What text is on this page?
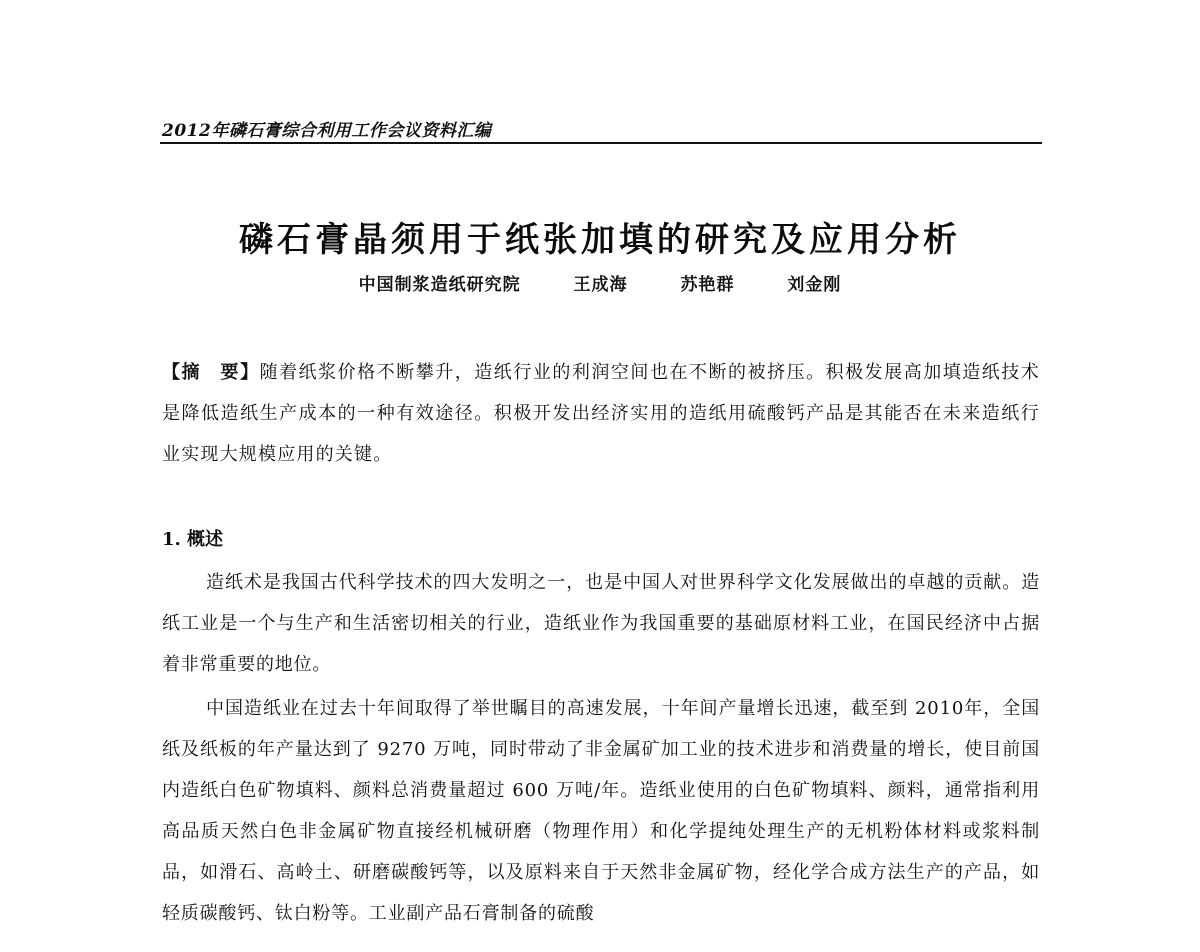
2012年磷石膏综合利用工作会议资料汇编
磷石膏晶须用于纸张加填的研究及应用分析
中国制浆造纸研究院	王成海	苏艳群	刘金刚
【摘　要】随着纸浆价格不断攀升，造纸行业的利润空间也在不断的被挤压。积极发展高加填造纸技术是降低造纸生产成本的一种有效途径。积极开发出经济实用的造纸用硫酸钙产品是其能否在未来造纸行业实现大规模应用的关键。
1. 概述

造纸术是我国古代科学技术的四大发明之一，也是中国人对世界科学文化发展做出的卓越的贡献。造纸工业是一个与生产和生活密切相关的行业，造纸业作为我国重要的基础原材料工业，在国民经济中占据着非常重要的地位。

中国造纸业在过去十年间取得了举世瞩目的高速发展，十年间产量增长迅速，截至到 2010年，全国纸及纸板的年产量达到了 9270 万吨，同时带动了非金属矿加工业的技术进步和消费量的增长，使目前国内造纸白色矿物填料、颜料总消费量超过 600 万吨/年。造纸业使用的白色矿物填料、颜料，通常指利用高品质天然白色非金属矿物直接经机械研磨（物理作用）和化学提纯处理生产的无机粉体材料或浆料制品，如滑石、高岭土、研磨碳酸钙等，以及原料来自于天然非金属矿物，经化学合成方法生产的产品，如轻质碳酸钙、钛白粉等。工业副产品石膏制备的硫酸
